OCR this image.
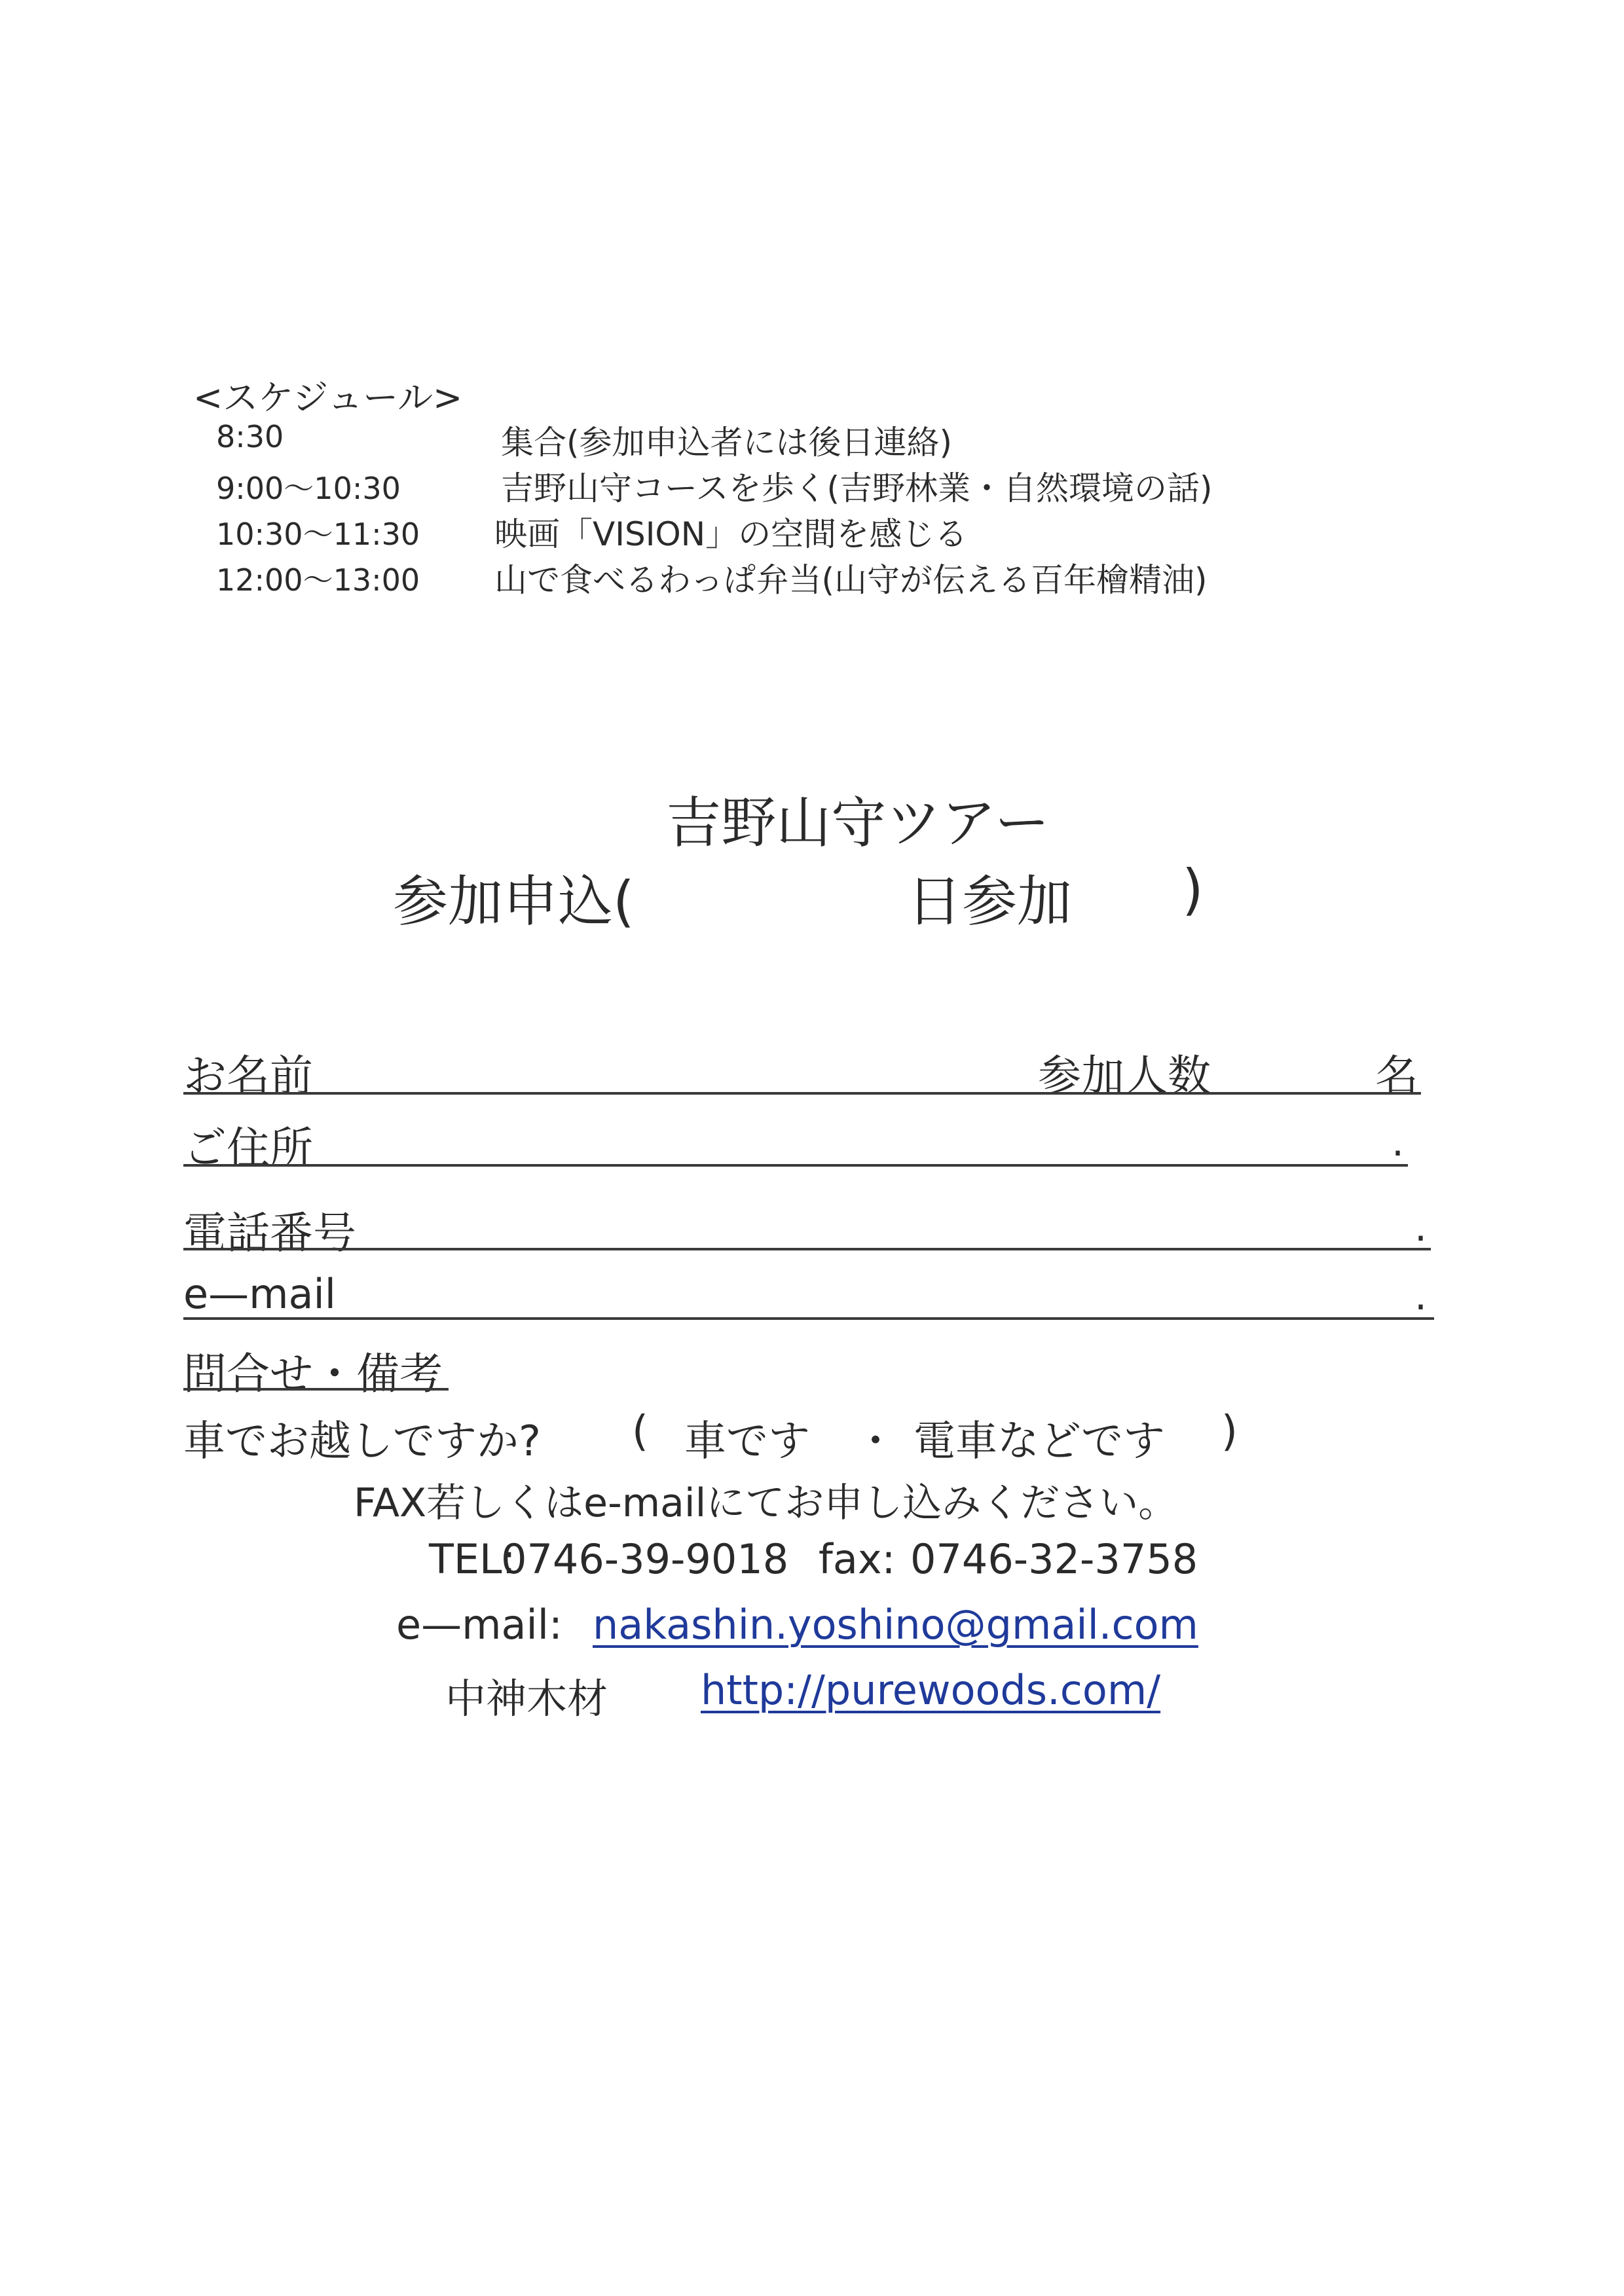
<スケジュール>
8:30	集合(参加申込者には後日連絡)
9:00〜10:30	吉野山守コースを歩く(吉野林業・自然環境の話)
10:30〜11:30 映画「VISION」の空間を感じる
12:00〜13:00 山で食べるわっぱ弁当(山守が伝える百年檜精油)
吉野山守ツアー
参加申込(	日参加 )
お名前	参加人数	名
ご住所	.
電話番号	.
e—mail	.
問合せ・備考
車でお越しですか? ( 車です ・ 電車などです )
FAX若しくはe-mailにてお申し込みください。
TEL:
0746-39-9018 fax: 0746-32-3758
e—mail: nakashin.yoshino@gmail.com
中神木材 http://purewoods.com/
